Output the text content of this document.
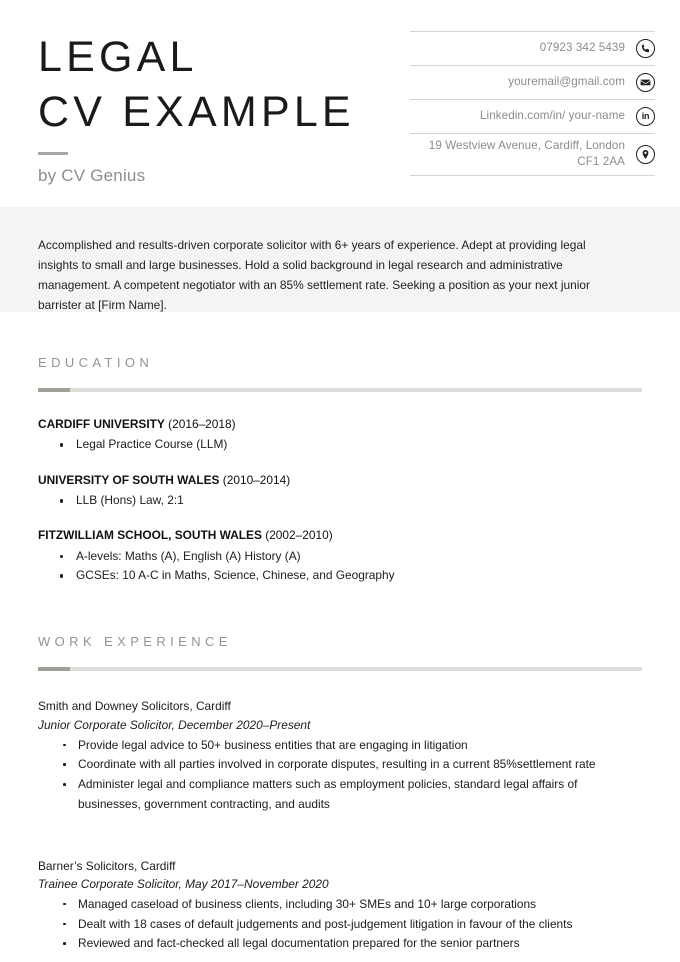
LEGAL
CV EXAMPLE
by CV Genius
07923 342 5439
youremail@gmail.com
Linkedin.com/in/ your-name in
19 Westview Avenue, Cardiff, London CF1 2AA
Accomplished and results-driven corporate solicitor with 6+ years of experience. Adept at providing legal insights to small and large businesses. Hold a solid background in legal research and administrative management. A competent negotiator with an 85% settlement rate. Seeking a position as your next junior barrister at [Firm Name].
EDUCATION
CARDIFF UNIVERSITY (2016–2018)
Legal Practice Course (LLM)
UNIVERSITY OF SOUTH WALES (2010–2014)
LLB (Hons) Law, 2:1
FITZWILLIAM SCHOOL, SOUTH WALES (2002–2010)
A-levels: Maths (A), English (A) History (A)
GCSEs: 10 A-C in Maths, Science, Chinese, and Geography
WORK EXPERIENCE
Smith and Downey Solicitors, Cardiff
Junior Corporate Solicitor, December 2020–Present
Provide legal advice to 50+ business entities that are engaging in litigation
Coordinate with all parties involved in corporate disputes, resulting in a current 85%settlement rate
Administer legal and compliance matters such as employment policies, standard legal affairs of businesses, government contracting, and audits
Barner’s Solicitors, Cardiff
Trainee Corporate Solicitor, May 2017–November 2020
Managed caseload of business clients, including 30+ SMEs and 10+ large corporations
Dealt with 18 cases of default judgements and post-judgement litigation in favour of the clients
Reviewed and fact-checked all legal documentation prepared for the senior partners
